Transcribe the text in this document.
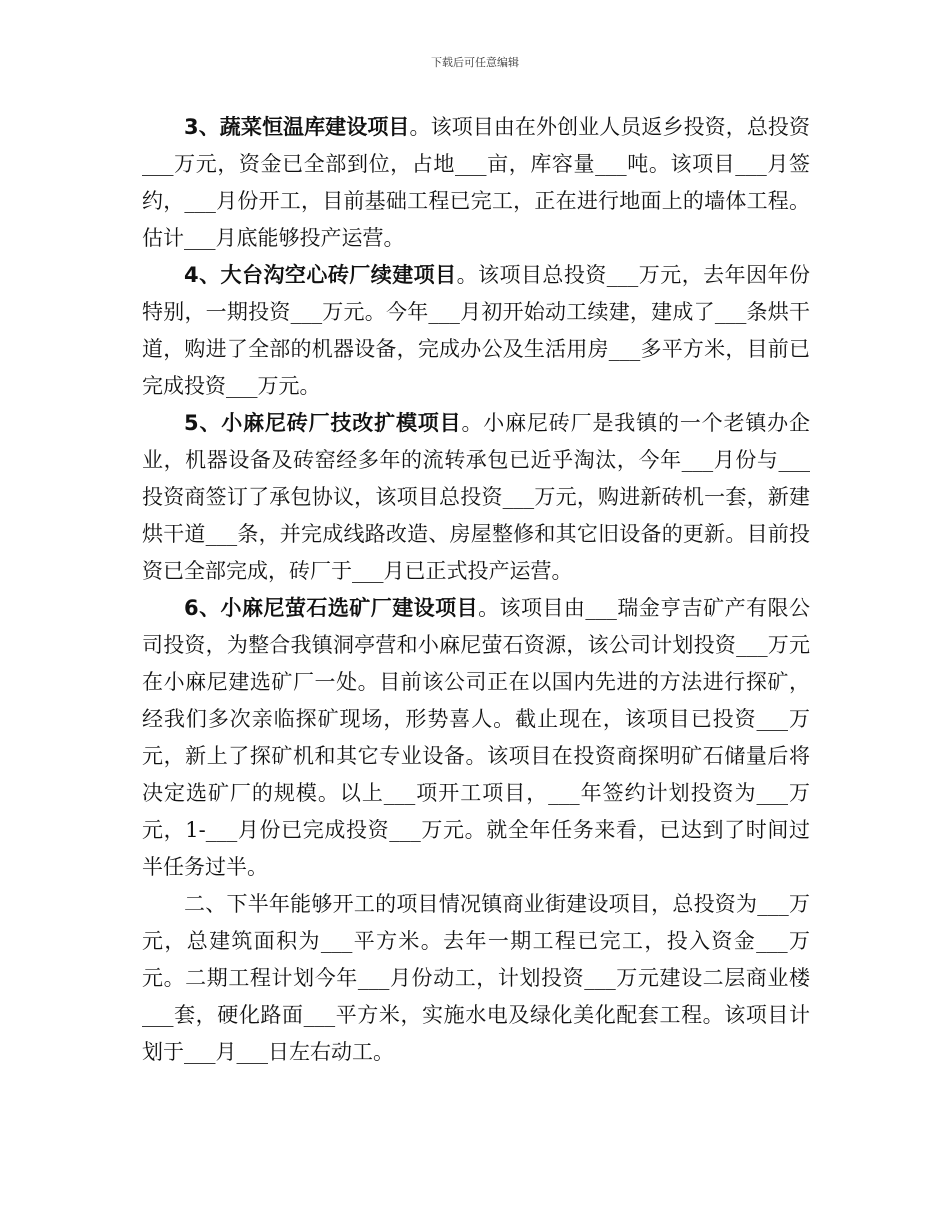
下载后可任意编辑

3、蔬菜恒温库建设项目。该项目由在外创业人员返乡投资，总投资___万元，资金已全部到位，占地___亩，库容量___吨。该项目___月签约，___月份开工，目前基础工程已完工，正在进行地面上的墙体工程。估计___月底能够投产运营。

4、大台沟空心砖厂续建项目。该项目总投资___万元，去年因年份特别，一期投资___万元。今年___月初开始动工续建，建成了___条烘干道，购进了全部的机器设备，完成办公及生活用房___多平方米，目前已完成投资___万元。

5、小麻尼砖厂技改扩模项目。小麻尼砖厂是我镇的一个老镇办企业，机器设备及砖窑经多年的流转承包已近乎淘汰，今年___月份与___投资商签订了承包协议，该项目总投资___万元，购进新砖机一套，新建烘干道___条，并完成线路改造、房屋整修和其它旧设备的更新。目前投资已全部完成，砖厂于___月已正式投产运营。

6、小麻尼萤石选矿厂建设项目。该项目由___瑞金亨吉矿产有限公司投资，为整合我镇洞亭营和小麻尼萤石资源，该公司计划投资___万元在小麻尼建选矿厂一处。目前该公司正在以国内先进的方法进行探矿，经我们多次亲临探矿现场，形势喜人。截止现在，该项目已投资___万元，新上了探矿机和其它专业设备。该项目在投资商探明矿石储量后将决定选矿厂的规模。以上___项开工项目，___年签约计划投资为___万元，1-___月份已完成投资___万元。就全年任务来看，已达到了时间过半任务过半。

二、下半年能够开工的项目情况镇商业街建设项目，总投资为___万元，总建筑面积为___平方米。去年一期工程已完工，投入资金___万元。二期工程计划今年___月份动工，计划投资___万元建设二层商业楼___套，硬化路面___平方米，实施水电及绿化美化配套工程。该项目计划于___月___日左右动工。
